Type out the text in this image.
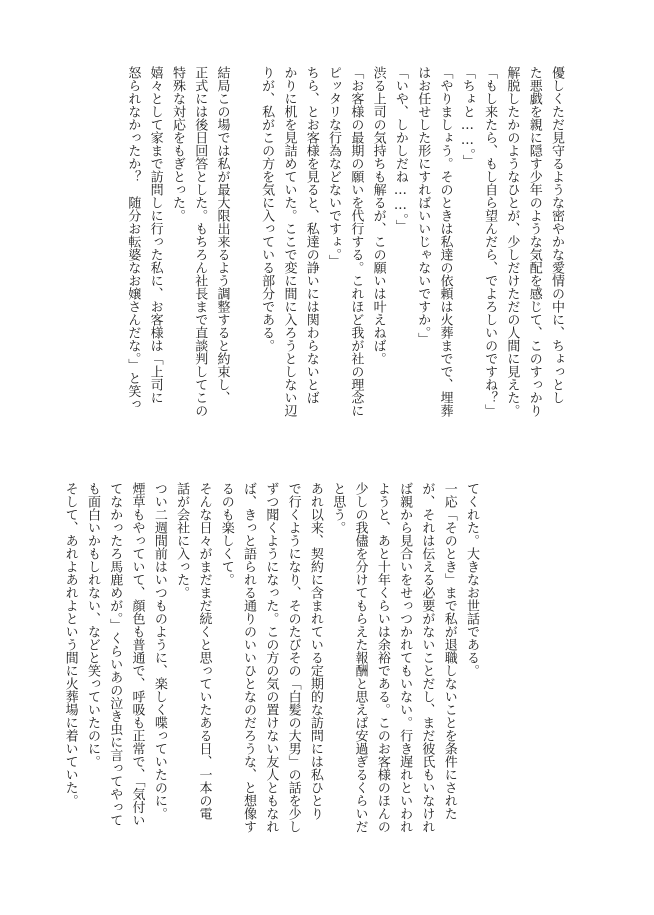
優しくただ見守るような密やかな愛情の中に、ちょっとし
た悪戯を親に隠す少年のような気配を感じて、このすっかり
解脱したかのようなひとが、少しだけただの人間に見えた。
「もし来たら、もし自ら望んだら、でよろしいのですね？」
「ちょと……。」
「やりましょう。そのときは私達の依頼は火葬までで、埋葬
はお任せした形にすればいいじゃないですか。」
「いや、しかしだね……。」
渋る上司の気持ちも解るが、この願いは叶えねば。
「お客様の最期の願いを代行する。これほど我が社の理念に
ピッタリな行為などないですょ。」
ちら、とお客様を見ると、私達の諍いには関わらないとば
かりに机を見詰めていた。ここで変に間に入ろうとしない辺
りが、私がこの方を気に入っている部分である。
結局この場では私が最大限出来るよう調整すると約束し、
正式には後日回答とした。もちろん社長まで直談判してこの
特殊な対応をもぎとった。
嬉々として家まで訪問しに行った私に、お客様は「上司に
怒られなかったか？　随分お転婆なお嬢さんだな。」と笑っ
てくれた。大きなお世話である。
一応「そのとき」まで私が退職しないことを条件にされた
が、それは伝える必要がないことだし、まだ彼氏もいなけれ
ば親から見合いをせっつかれてもいない。行き遅れといわれ
ようと、あと十年くらいは余裕である。このお客様のほんの
少しの我儘を分けてもらえた報酬と思えば安過ぎるくらいだ
と思う。
あれ以来、契約に含まれている定期的な訪問には私ひとり
で行くようになり、そのたびその「白髪の大男」の話を少し
ずつ聞くようになった。この方の気の置けない友人ともなれ
ば、きっと語られる通りのいいひとなのだろうな、と想像す
るのも楽しくて。
そんな日々がまだまだ続くと思っていたある日、一本の電
話が会社に入った。
つい二週間前はいつものように、楽しく喋っていたのに。
煙草もやっていて、顔色も普通で、呼吸も正常で、「気付い
てなかったろ馬鹿めが。」くらいあの泣き虫に言ってやって
も面白いかもしれない、などと笑っていたのに。
そして、あれよあれよという間に火葬場に着いていた。
